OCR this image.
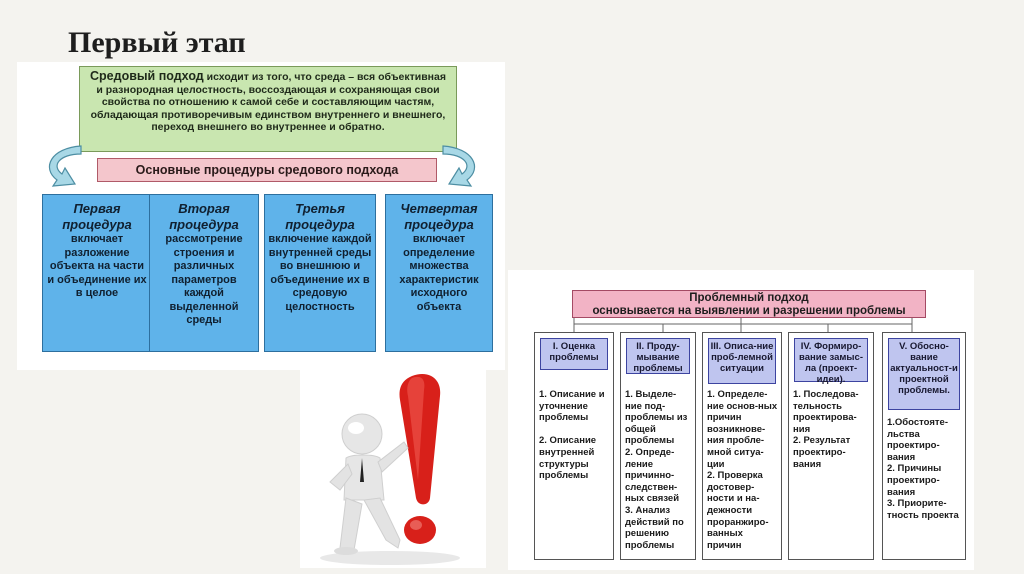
Первый этап
Средовый подход исходит из того, что среда – вся объективная и разнородная целостность, воссоздающая и сохраняющая свои свойства по отношению к самой себе и составляющим частям, обладающая противоречивым единством внутреннего и внешнего, переход внешнего во внутреннее и обратно.
Основные процедуры средового подхода
Первая процедура
включает разложение объекта на части и объединение их в целое
Вторая процедура
рассмотрение строения и различных параметров каждой выделенной среды
Третья процедура
включение каждой внутренней среды во внешнюю и объединение их в средовую целостность
Четвертая процедура
включает определение множества характеристик исходного объекта
Проблемный подход
основывается на выявлении и разрешении проблемы
I. Оценка проблемы
1. Описание и уточнение проблемы

2. Описание внутренней структуры проблемы
II. Проду-мывание проблемы
1. Выделе-ние под-проблемы из общей проблемы
2. Опреде-ление причинно-следствен-ных связей
3. Анализ действий по решению проблемы
III. Описа-ние проб-лемной ситуации
1. Определе-ние основ-ных причин возникнове-ния пробле-мной ситуа-ции
2. Проверка достовер-ности и на-дежности проранжиро-ванных причин
IV. Формиро-вание замыс-ла (проект-идеи).
1. Последова-тельность проектирова-ния
2. Результат проектиро-вания
V. Обосно-вание актуальност-и проектной проблемы.
1.Обостоятe-льства проектиро-вания
2. Причины проектиро-вания
3. Приорите-тность проекта
